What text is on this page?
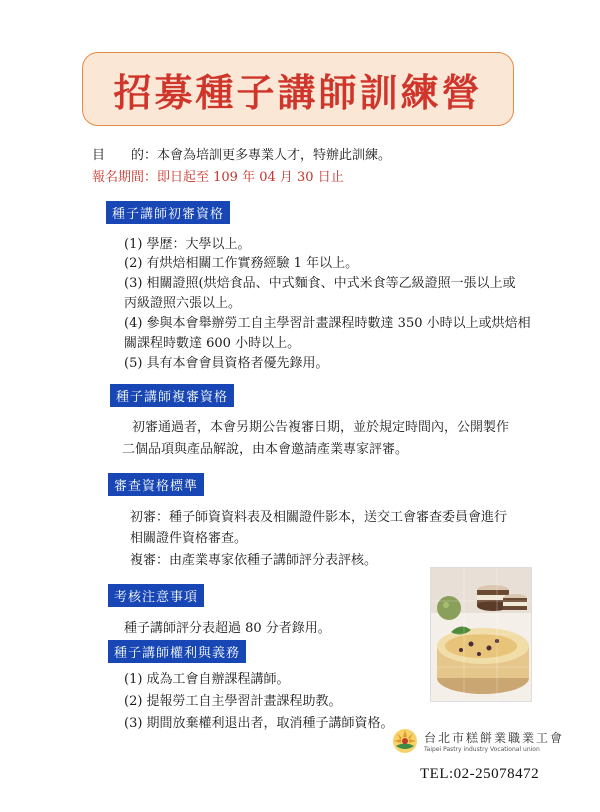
招募種子講師訓練營
目　　的：本會為培訓更多專業人才，特辦此訓練。
報名期間：即日起至 109 年 04 月 30 日止
種子講師初審資格
(1) 學歷：大學以上。
(2) 有烘焙相關工作實務經驗 1 年以上。
(3) 相關證照(烘焙食品、中式麵食、中式米食等乙級證照一張以上或
丙級證照六張以上。
(4) 參與本會舉辦勞工自主學習計畫課程時數達 350 小時以上或烘焙相
關課程時數達 600 小時以上。
(5) 具有本會會員資格者優先錄用。
種子講師複審資格
初審通過者，本會另期公告複審日期，並於規定時間內，公開製作
二個品項與產品解說，由本會邀請產業專家評審。
審查資格標準
初審：種子師資資料表及相關證件影本，送交工會審查委員會進行
相關證件資格審查。
複審：由產業專家依種子講師評分表評核。
考核注意事項
種子講師評分表超過 80 分者錄用。
種子講師權利與義務
(1) 成為工會自辦課程講師。
(2) 提報勞工自主學習計畫課程助教。
(3) 期間放棄權利退出者，取消種子講師資格。
台北市糕餅業職業工會
Taipei Pastry industry Vocational union
TEL:02-25078472
